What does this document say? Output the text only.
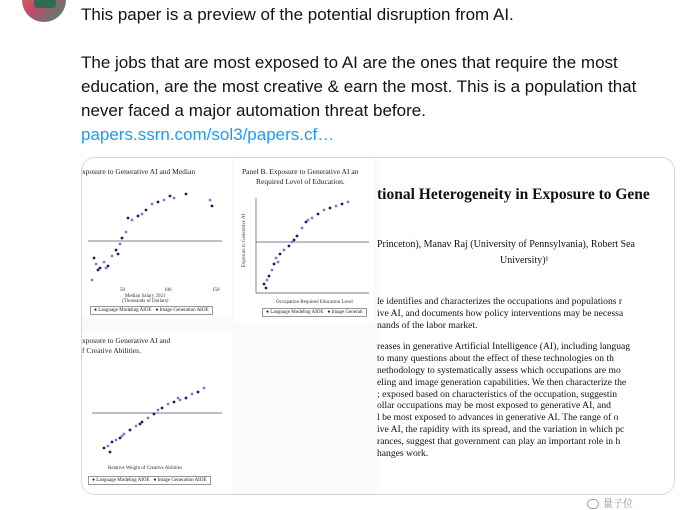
This paper is a preview of the potential disruption from AI.

The jobs that are most exposed to AI are the ones that require the most education, are the most creative & earn the most. This is a population that never faced a major automation threat before.

papers.ssrn.com/sol3/papers.cf…

xposure to Generative AI and Median
50	100	150
Median Salary 2021
(Thousands of Dollars)
● Language Modeling AIOE   ● Image Generation AIOE
Panel B. Exposure to Generative AI an
Required Level of Education.
Exposure to Generative AI
Occupation Required Education Level
● Language Modeling AIOE   ● Image Generati
xposure to Generative AI and
f Creative Abilities.
Relative Weight of Creative Abilities
● Language Modeling AIOE   ● Image Generation AIOE
tional Heterogeneity in Exposure to Gene
Princeton), Manav Raj (University of Pennsylvania), Robert Sea
University)¹
le identifies and characterizes the occupations and populations r
ive AI, and documents how policy interventions may be necessa
nands of the labor market.
reases in generative Artificial Intelligence (AI), including languag
to many questions about the effect of these technologies on th
nethodology to systematically assess which occupations are mo
eling and image generation capabilities. We then characterize the
; exposed based on characteristics of the occupation, suggestin
ollar occupations may be most exposed to generative AI, and
l be most exposed to advances in generative AI. The range of o
ive AI, the rapidity with its spread, and the variation in which pc
rances, suggest that government can play an important role in h
hanges work.
量子位
